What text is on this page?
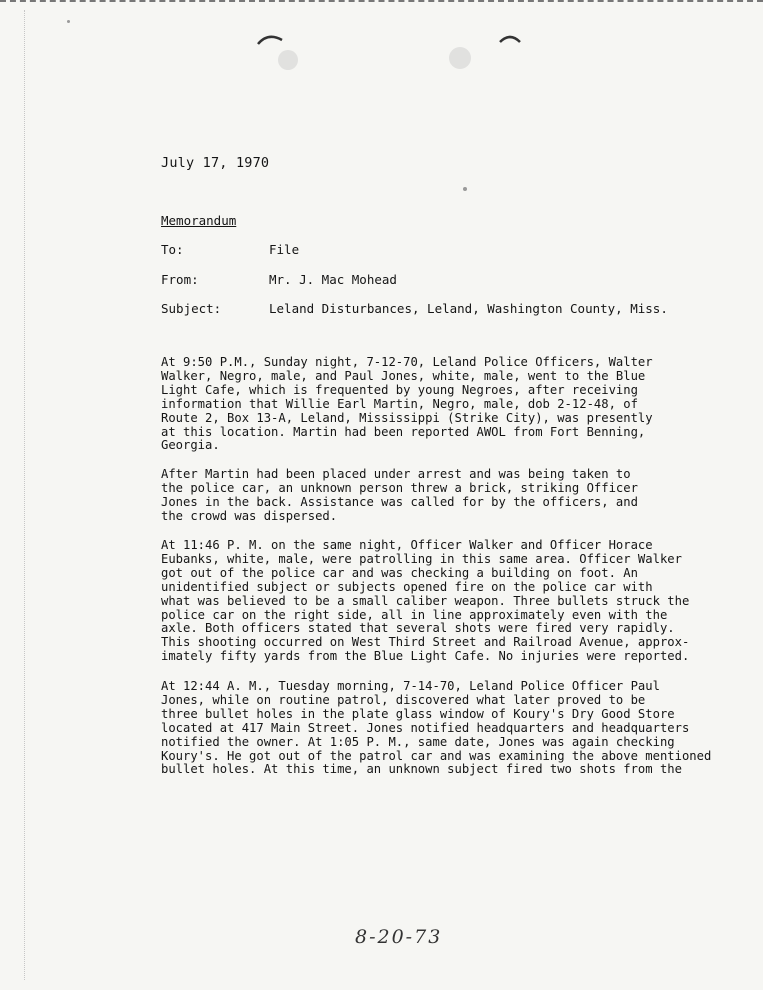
July 17, 1970
Memorandum
To:	File
From:	Mr. J. Mac Mohead
Subject:	Leland Disturbances, Leland, Washington County, Miss.
At 9:50 P.M., Sunday night, 7-12-70, Leland Police Officers, Walter
Walker, Negro, male, and Paul Jones, white, male, went to the Blue
Light Cafe, which is frequented by young Negroes, after receiving
information that Willie Earl Martin, Negro, male, dob 2-12-48, of
Route 2, Box 13-A, Leland, Mississippi (Strike City), was presently
at this location. Martin had been reported AWOL from Fort Benning,
Georgia.
After Martin had been placed under arrest and was being taken to
the police car, an unknown person threw a brick, striking Officer
Jones in the back. Assistance was called for by the officers, and
the crowd was dispersed.
At 11:46 P. M. on the same night, Officer Walker and Officer Horace
Eubanks, white, male, were patrolling in this same area. Officer Walker
got out of the police car and was checking a building on foot. An
unidentified subject or subjects opened fire on the police car with
what was believed to be a small caliber weapon. Three bullets struck the
police car on the right side, all in line approximately even with the
axle. Both officers stated that several shots were fired very rapidly.
This shooting occurred on West Third Street and Railroad Avenue, approx-
imately fifty yards from the Blue Light Cafe. No injuries were reported.
At 12:44 A. M., Tuesday morning, 7-14-70, Leland Police Officer Paul
Jones, while on routine patrol, discovered what later proved to be
three bullet holes in the plate glass window of Koury's Dry Good Store
located at 417 Main Street. Jones notified headquarters and headquarters
notified the owner. At 1:05 P. M., same date, Jones was again checking
Koury's. He got out of the patrol car and was examining the above mentioned
bullet holes. At this time, an unknown subject fired two shots from the
8-20-73
